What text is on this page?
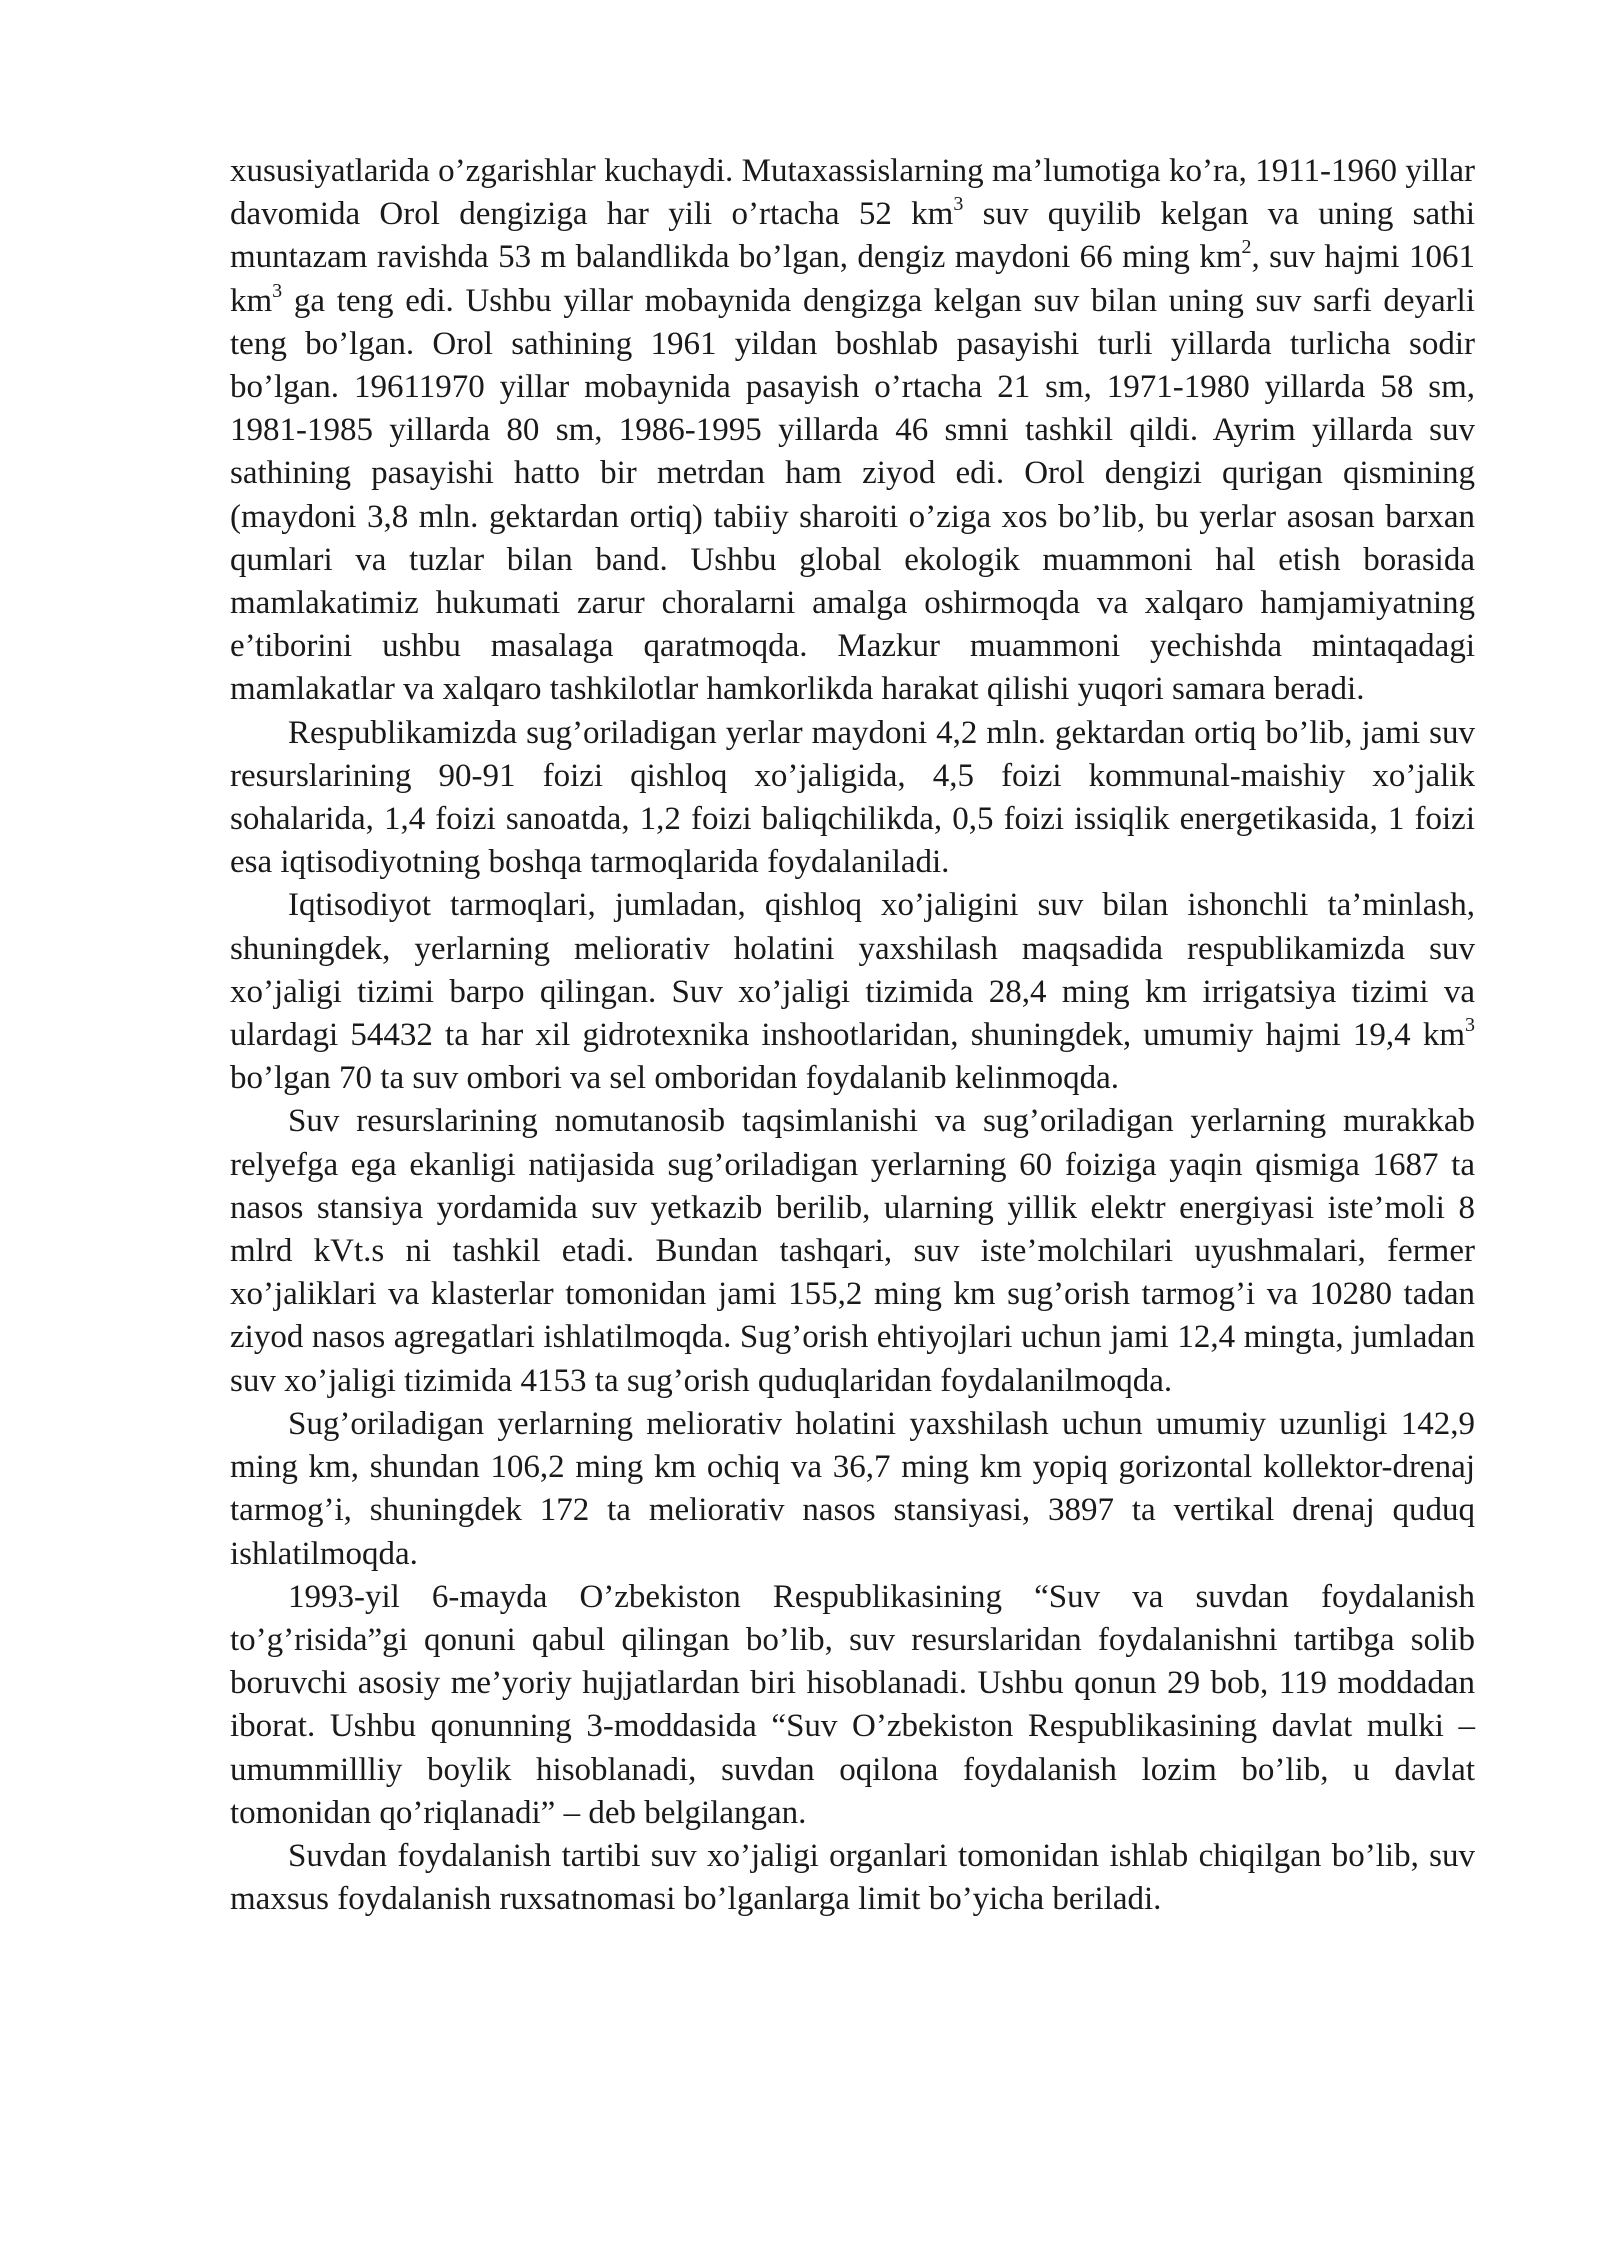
xususiyatlarida o’zgarishlar kuchaydi. Mutaxassislarning ma’lumotiga ko’ra, 1911-1960 yillar davomida Orol dengiziga har yili o’rtacha 52 $km^3$ suv quyilib kelgan va uning sathi muntazam ravishda 53 m balandlikda bo’lgan, dengiz maydoni 66 ming $km^2$, suv hajmi 1061 $km^3$ ga teng edi. Ushbu yillar mobaynida dengizga kelgan suv bilan uning suv sarfi deyarli teng bo’lgan. Orol sathining 1961 yildan boshlab pasayishi turli yillarda turlicha sodir bo’lgan. 19611970 yillar mobaynida pasayish o’rtacha 21 sm, 1971-1980 yillarda 58 sm, 1981-1985 yillarda 80 sm, 1986-1995 yillarda 46 smni tashkil qildi. Ayrim yillarda suv sathining pasayishi hatto bir metrdan ham ziyod edi. Orol dengizi qurigan qismining (maydoni 3,8 mln. gektardan ortiq) tabiiy sharoiti o’ziga xos bo’lib, bu yerlar asosan barxan qumlari va tuzlar bilan band. Ushbu global ekologik muammoni hal etish borasida mamlakatimiz hukumati zarur choralarni amalga oshirmoqda va xalqaro hamjamiyatning e’tiborini ushbu masalaga qaratmoqda. Mazkur muammoni yechishda mintaqadagi mamlakatlar va xalqaro tashkilotlar hamkorlikda harakat qilishi yuqori samara beradi.

Respublikamizda sug’oriladigan yerlar maydoni 4,2 mln. gektardan ortiq bo’lib, jami suv resurslarining 90-91 foizi qishloq xo’jaligida, 4,5 foizi kommunal-maishiy xo’jalik sohalarida, 1,4 foizi sanoatda, 1,2 foizi baliqchilikda, 0,5 foizi issiqlik energetikasida, 1 foizi esa iqtisodiyotning boshqa tarmoqlarida foydalaniladi.

Iqtisodiyot tarmoqlari, jumladan, qishloq xo’jaligini suv bilan ishonchli ta’minlash, shuningdek, yerlarning meliorativ holatini yaxshilash maqsadida respublikamizda suv xo’jaligi tizimi barpo qilingan. Suv xo’jaligi tizimida 28,4 ming km irrigatsiya tizimi va ulardagi 54432 ta har xil gidrotexnika inshootlaridan, shuningdek, umumiy hajmi 19,4 $km^3$ bo’lgan 70 ta suv ombori va sel omboridan foydalanib kelinmoqda.

Suv resurslarining nomutanosib taqsimlanishi va sug’oriladigan yerlarning murakkab relyefga ega ekanligi natijasida sug’oriladigan yerlarning 60 foiziga yaqin qismiga 1687 ta nasos stansiya yordamida suv yetkazib berilib, ularning yillik elektr energiyasi iste’moli 8 mlrd kVt.s ni tashkil etadi. Bundan tashqari, suv iste’molchilari uyushmalari, fermer xo’jaliklari va klasterlar tomonidan jami 155,2 ming km sug’orish tarmog’i va 10280 tadan ziyod nasos agregatlari ishlatilmoqda. Sug’orish ehtiyojlari uchun jami 12,4 mingta, jumladan suv xo’jaligi tizimida 4153 ta sug’orish quduqlaridan foydalanilmoqda.

Sug’oriladigan yerlarning meliorativ holatini yaxshilash uchun umumiy uzunligi 142,9 ming km, shundan 106,2 ming km ochiq va 36,7 ming km yopiq gorizontal kollektor-drenaj tarmog’i, shuningdek 172 ta meliorativ nasos stansiyasi, 3897 ta vertikal drenaj quduq ishlatilmoqda.

1993-yil 6-mayda O’zbekiston Respublikasining “Suv va suvdan foydalanish to’g’risida”gi qonuni qabul qilingan bo’lib, suv resurslaridan foydalanishni tartibga solib boruvchi asosiy me’yoriy hujjatlardan biri hisoblanadi. Ushbu qonun 29 bob, 119 moddadan iborat. Ushbu qonunning 3-moddasida “Suv O’zbekiston Respublikasining davlat mulki – umummillliy boylik hisoblanadi, suvdan oqilona foydalanish lozim bo’lib, u davlat tomonidan qo’riqlanadi” – deb belgilangan.

Suvdan foydalanish tartibi suv xo’jaligi organlari tomonidan ishlab chiqilgan bo’lib, suv maxsus foydalanish ruxsatnomasi bo’lganlarga limit bo’yicha beriladi.
